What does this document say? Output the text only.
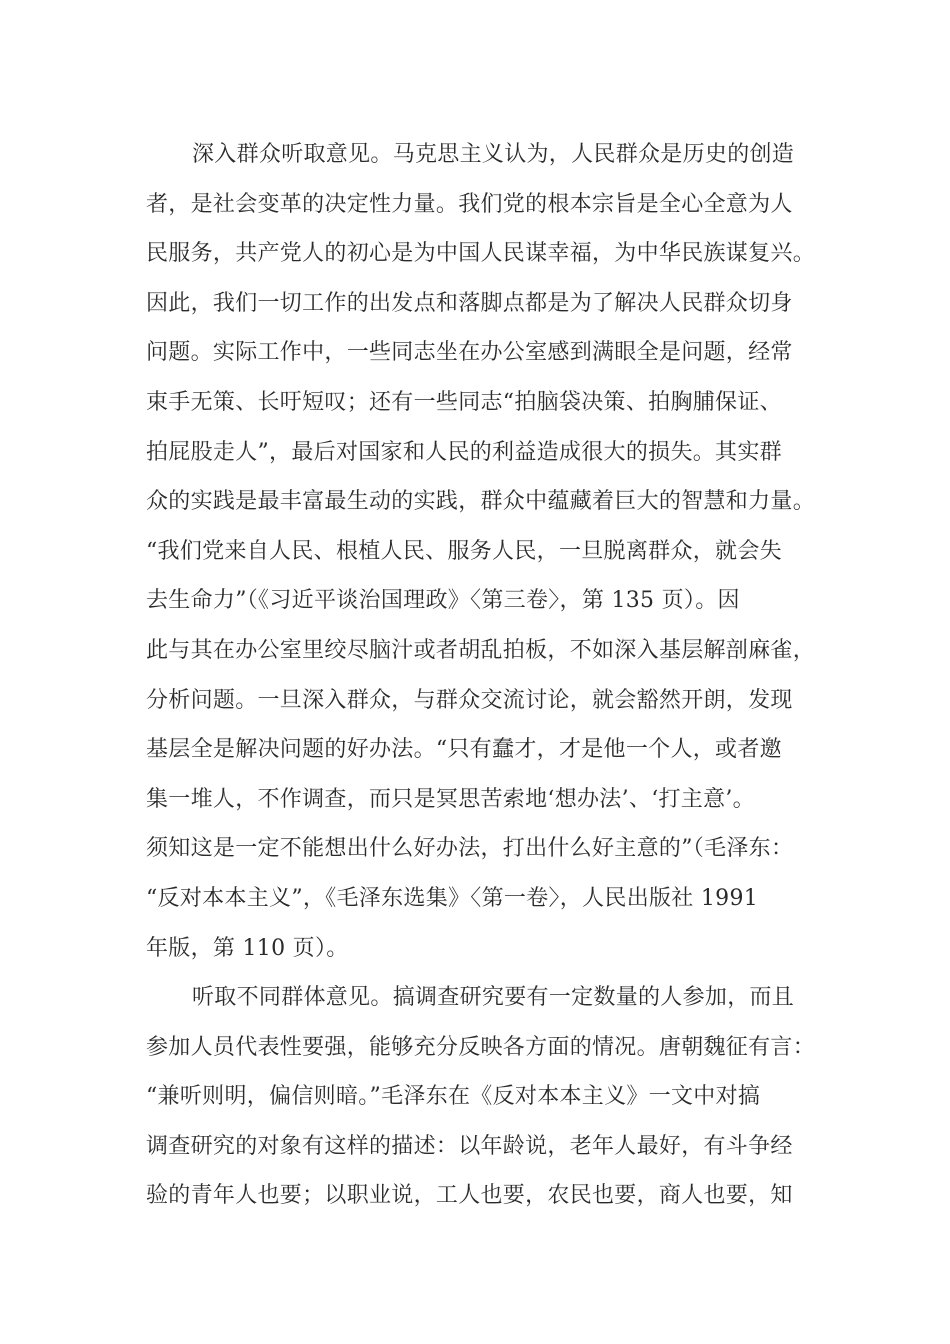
深入群众听取意见。马克思主义认为，人民群众是历史的创造
者，是社会变革的决定性力量。我们党的根本宗旨是全心全意为人
民服务，共产党人的初心是为中国人民谋幸福，为中华民族谋复兴。
因此，我们一切工作的出发点和落脚点都是为了解决人民群众切身
问题。实际工作中，一些同志坐在办公室感到满眼全是问题，经常
束手无策、长吁短叹；还有一些同志“拍脑袋决策、拍胸脯保证、
拍屁股走人”，最后对国家和人民的利益造成很大的损失。其实群
众的实践是最丰富最生动的实践，群众中蕴藏着巨大的智慧和力量。
“我们党来自人民、根植人民、服务人民，一旦脱离群众，就会失
去生命力”（《习近平谈治国理政》〈第三卷〉，第 135 页）。因
此与其在办公室里绞尽脑汁或者胡乱拍板，不如深入基层解剖麻雀，
分析问题。一旦深入群众，与群众交流讨论，就会豁然开朗，发现
基层全是解决问题的好办法。“只有蠢才，才是他一个人，或者邀
集一堆人，不作调查，而只是冥思苦索地‘想办法’、‘打主意’。
须知这是一定不能想出什么好办法，打出什么好主意的”（毛泽东：
“反对本本主义”，《毛泽东选集》〈第一卷〉，人民出版社 1991
年版，第 110 页）。
听取不同群体意见。搞调查研究要有一定数量的人参加，而且
参加人员代表性要强，能够充分反映各方面的情况。唐朝魏征有言：
“兼听则明，偏信则暗。”毛泽东在《反对本本主义》一文中对搞
调查研究的对象有这样的描述：以年龄说，老年人最好，有斗争经
验的青年人也要；以职业说，工人也要，农民也要，商人也要，知
